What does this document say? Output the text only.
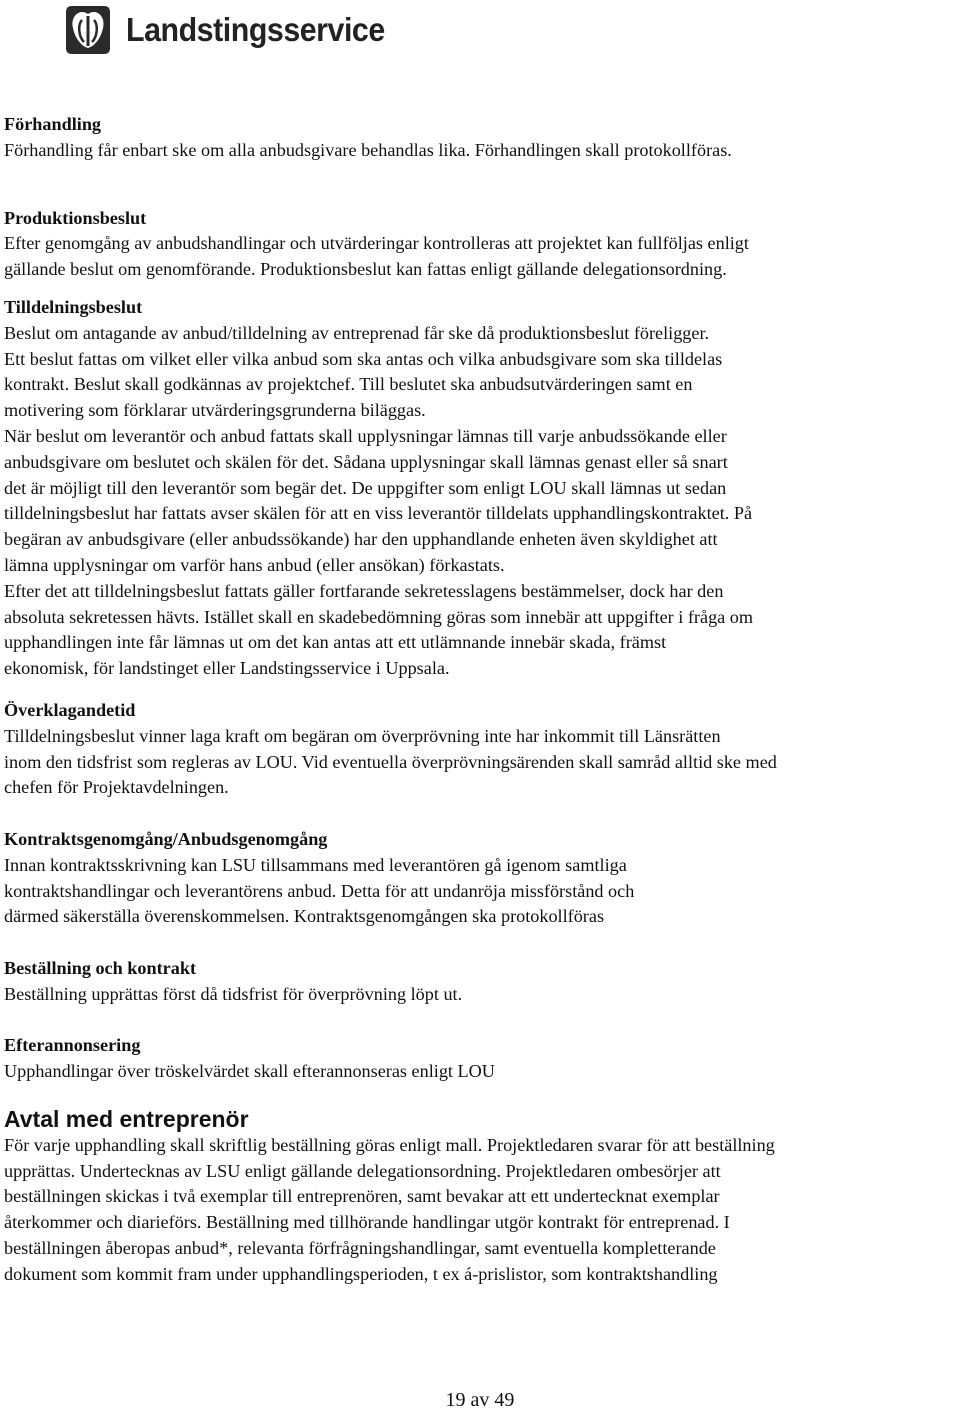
Landstingsservice
Förhandling

Förhandling får enbart ske om alla anbudsgivare behandlas lika. Förhandlingen skall protokollföras.

Produktionsbeslut

Efter genomgång av anbudshandlingar och utvärderingar kontrolleras att projektet kan fullföljas enligt
gällande beslut om genomförande. Produktionsbeslut kan fattas enligt gällande delegationsordning.

Tilldelningsbeslut

Beslut om antagande av anbud/tilldelning av entreprenad får ske då produktionsbeslut föreligger.
Ett beslut fattas om vilket eller vilka anbud som ska antas och vilka anbudsgivare som ska tilldelas
kontrakt. Beslut skall godkännas av projektchef. Till beslutet ska anbudsutvärderingen samt en
motivering som förklarar utvärderingsgrunderna biläggas.
När beslut om leverantör och anbud fattats skall upplysningar lämnas till varje anbudssökande eller
anbudsgivare om beslutet och skälen för det. Sådana upplysningar skall lämnas genast eller så snart
det är möjligt till den leverantör som begär det. De uppgifter som enligt LOU skall lämnas ut sedan
tilldelningsbeslut har fattats avser skälen för att en viss leverantör tilldelats upphandlingskontraktet. På
begäran av anbudsgivare (eller anbudssökande) har den upphandlande enheten även skyldighet att
lämna upplysningar om varför hans anbud (eller ansökan) förkastats.
Efter det att tilldelningsbeslut fattats gäller fortfarande sekretesslagens bestämmelser, dock har den
absoluta sekretessen hävts. Istället skall en skadebedömning göras som innebär att uppgifter i fråga om
upphandlingen inte får lämnas ut om det kan antas att ett utlämnande innebär skada, främst
ekonomisk, för landstinget eller Landstingsservice i Uppsala.

Överklagandetid

Tilldelningsbeslut vinner laga kraft om begäran om överprövning inte har inkommit till Länsrätten
inom den tidsfrist som regleras av LOU. Vid eventuella överprövningsärenden skall samråd alltid ske med
chefen för Projektavdelningen.

Kontraktsgenomgång/Anbudsgenomgång

Innan kontraktsskrivning kan LSU tillsammans med leverantören gå igenom samtliga
kontraktshandlingar och leverantörens anbud. Detta för att undanröja missförstånd och
därmed säkerställa överenskommelsen. Kontraktsgenomgången ska protokollföras

Beställning och kontrakt

Beställning upprättas först då tidsfrist för överprövning löpt ut.

Efterannonsering

Upphandlingar över tröskelvärdet skall efterannonseras enligt LOU

Avtal med entreprenör

För varje upphandling skall skriftlig beställning göras enligt mall. Projektledaren svarar för att beställning
upprättas. Undertecknas av LSU enligt gällande delegationsordning. Projektledaren ombesörjer att
beställningen skickas i två exemplar till entreprenören, samt bevakar att ett undertecknat exemplar
återkommer och diarieförs. Beställning med tillhörande handlingar utgör kontrakt för entreprenad. I
beställningen åberopas anbud*, relevanta förfrågningshandlingar, samt eventuella kompletterande
dokument som kommit fram under upphandlingsperioden, t ex á-prislistor, som kontraktshandling

19 av 49
